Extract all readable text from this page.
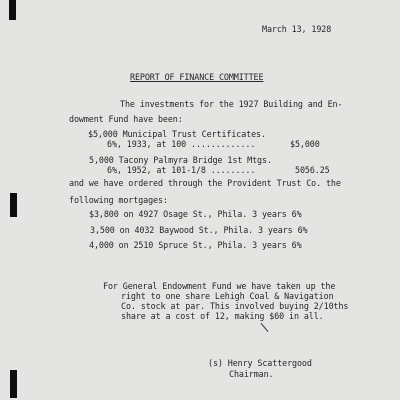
March 13, 1928
REPORT OF FINANCE COMMITTEE
The investments for the 1927 Building and En-
dowment Fund have been:
$5,000 Municipal Trust Certificates.
6%, 1933, at 100 .............	$5,000
5,000 Tacony Palmyra Bridge 1st Mtgs.
6%, 1952, at 101-1/8 .........	5056.25
and we have ordered through the Provident Trust Co. the
following mortgages:
$3,800 on 4927 Osage St., Phila. 3 years 6%
3,500 on 4032 Baywood St., Phila. 3 years 6%
4,000 on 2510 Spruce St., Phila. 3 years 6%
For General Endowment Fund we have taken up the
right to one share Lehigh Coal & Navigation
Co. stock at par. This involved buying 2/10ths
share at a cost of 12, making $60 in all.
(s) Henry Scattergood
Chairman.
